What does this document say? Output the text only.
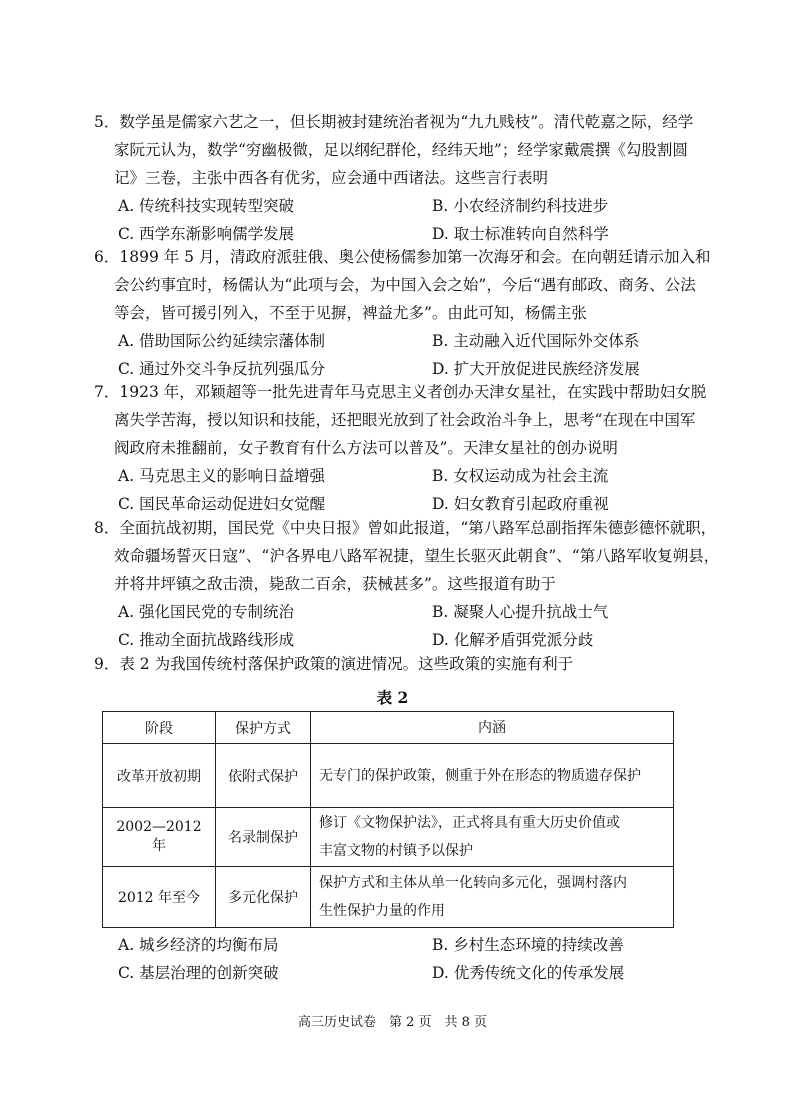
5．数学虽是儒家六艺之一，但长期被封建统治者视为“九九贱枝”。清代乾嘉之际，经学
家阮元认为，数学“穷幽极微，足以纲纪群伦，经纬天地”；经学家戴震撰《勾股割圆
记》三卷，主张中西各有优劣，应会通中西诸法。这些言行表明
A. 传统科技实现转型突破	B. 小农经济制约科技进步
C. 西学东渐影响儒学发展	D. 取士标准转向自然科学
6．1899 年 5 月，清政府派驻俄、奥公使杨儒参加第一次海牙和会。在向朝廷请示加入和
会公约事宜时，杨儒认为“此项与会，为中国入会之始”，今后“遇有邮政、商务、公法
等会，皆可援引列入，不至于见摒，裨益尤多”。由此可知，杨儒主张
A. 借助国际公约延续宗藩体制	B. 主动融入近代国际外交体系
C. 通过外交斗争反抗列强瓜分	D. 扩大开放促进民族经济发展
7．1923 年，邓颖超等一批先进青年马克思主义者创办天津女星社，在实践中帮助妇女脱
离失学苦海，授以知识和技能，还把眼光放到了社会政治斗争上，思考“在现在中国军
阀政府未推翻前，女子教育有什么方法可以普及”。天津女星社的创办说明
A. 马克思主义的影响日益增强	B. 女权运动成为社会主流
C. 国民革命运动促进妇女觉醒	D. 妇女教育引起政府重视
8．全面抗战初期，国民党《中央日报》曾如此报道，“第八路军总副指挥朱德彭德怀就职，
效命疆场誓灭日寇”、“沪各界电八路军祝捷，望生长驱灭此朝食”、“第八路军收复朔县，
并将井坪镇之敌击溃，毙敌二百余，获械甚多”。这些报道有助于
A. 强化国民党的专制统治	B. 凝聚人心提升抗战士气
C. 推动全面抗战路线形成	D. 化解矛盾弭党派分歧
9．表 2 为我国传统村落保护政策的演进情况。这些政策的实施有利于
表 2
阶段	保护方式	内涵
改革开放初期	依附式保护	无专门的保护政策，侧重于外在形态的物质遗存保护

2002—2012 年	名录制保护	修订《文物保护法》，正式将具有重大历史价值或
丰富文物的村镇予以保护

2012 年至今	多元化保护	保护方式和主体从单一化转向多元化，强调村落内
生性保护力量的作用
A. 城乡经济的均衡布局	B. 乡村生态环境的持续改善
C. 基层治理的创新突破	D. 优秀传统文化的传承发展
高三历史试卷　第 2 页　共 8 页
